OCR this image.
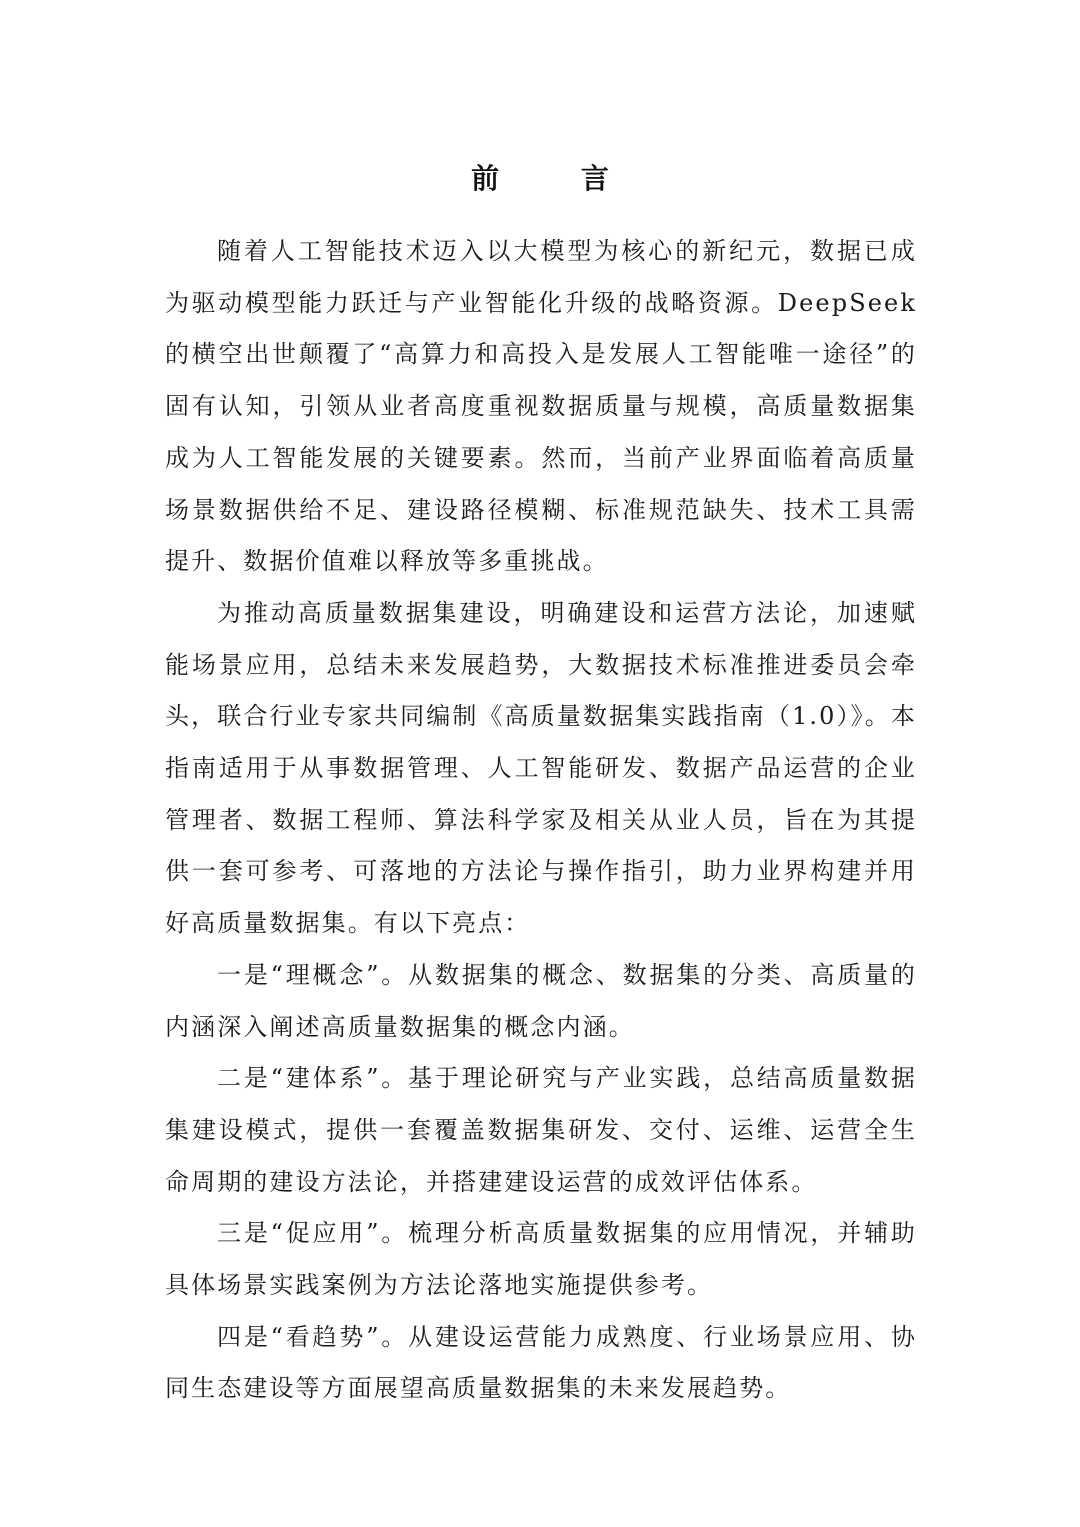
前 言

随着人工智能技术迈入以大模型为核心的新纪元，数据已成为驱动模型能力跃迁与产业智能化升级的战略资源。DeepSeek 的横空出世颠覆了“高算力和高投入是发展人工智能唯一途径”的固有认知，引领从业者高度重视数据质量与规模，高质量数据集成为人工智能发展的关键要素。然而，当前产业界面临着高质量场景数据供给不足、建设路径模糊、标准规范缺失、技术工具需提升、数据价值难以释放等多重挑战。

为推动高质量数据集建设，明确建设和运营方法论，加速赋能场景应用，总结未来发展趋势，大数据技术标准推进委员会牵头，联合行业专家共同编制《高质量数据集实践指南（1.0）》。本指南适用于从事数据管理、人工智能研发、数据产品运营的企业管理者、数据工程师、算法科学家及相关从业人员，旨在为其提供一套可参考、可落地的方法论与操作指引，助力业界构建并用好高质量数据集。有以下亮点：

一是“理概念”。从数据集的概念、数据集的分类、高质量的内涵深入阐述高质量数据集的概念内涵。

二是“建体系”。基于理论研究与产业实践，总结高质量数据集建设模式，提供一套覆盖数据集研发、交付、运维、运营全生命周期的建设方法论，并搭建建设运营的成效评估体系。

三是“促应用”。梳理分析高质量数据集的应用情况，并辅助具体场景实践案例为方法论落地实施提供参考。

四是“看趋势”。从建设运营能力成熟度、行业场景应用、协同生态建设等方面展望高质量数据集的未来发展趋势。
